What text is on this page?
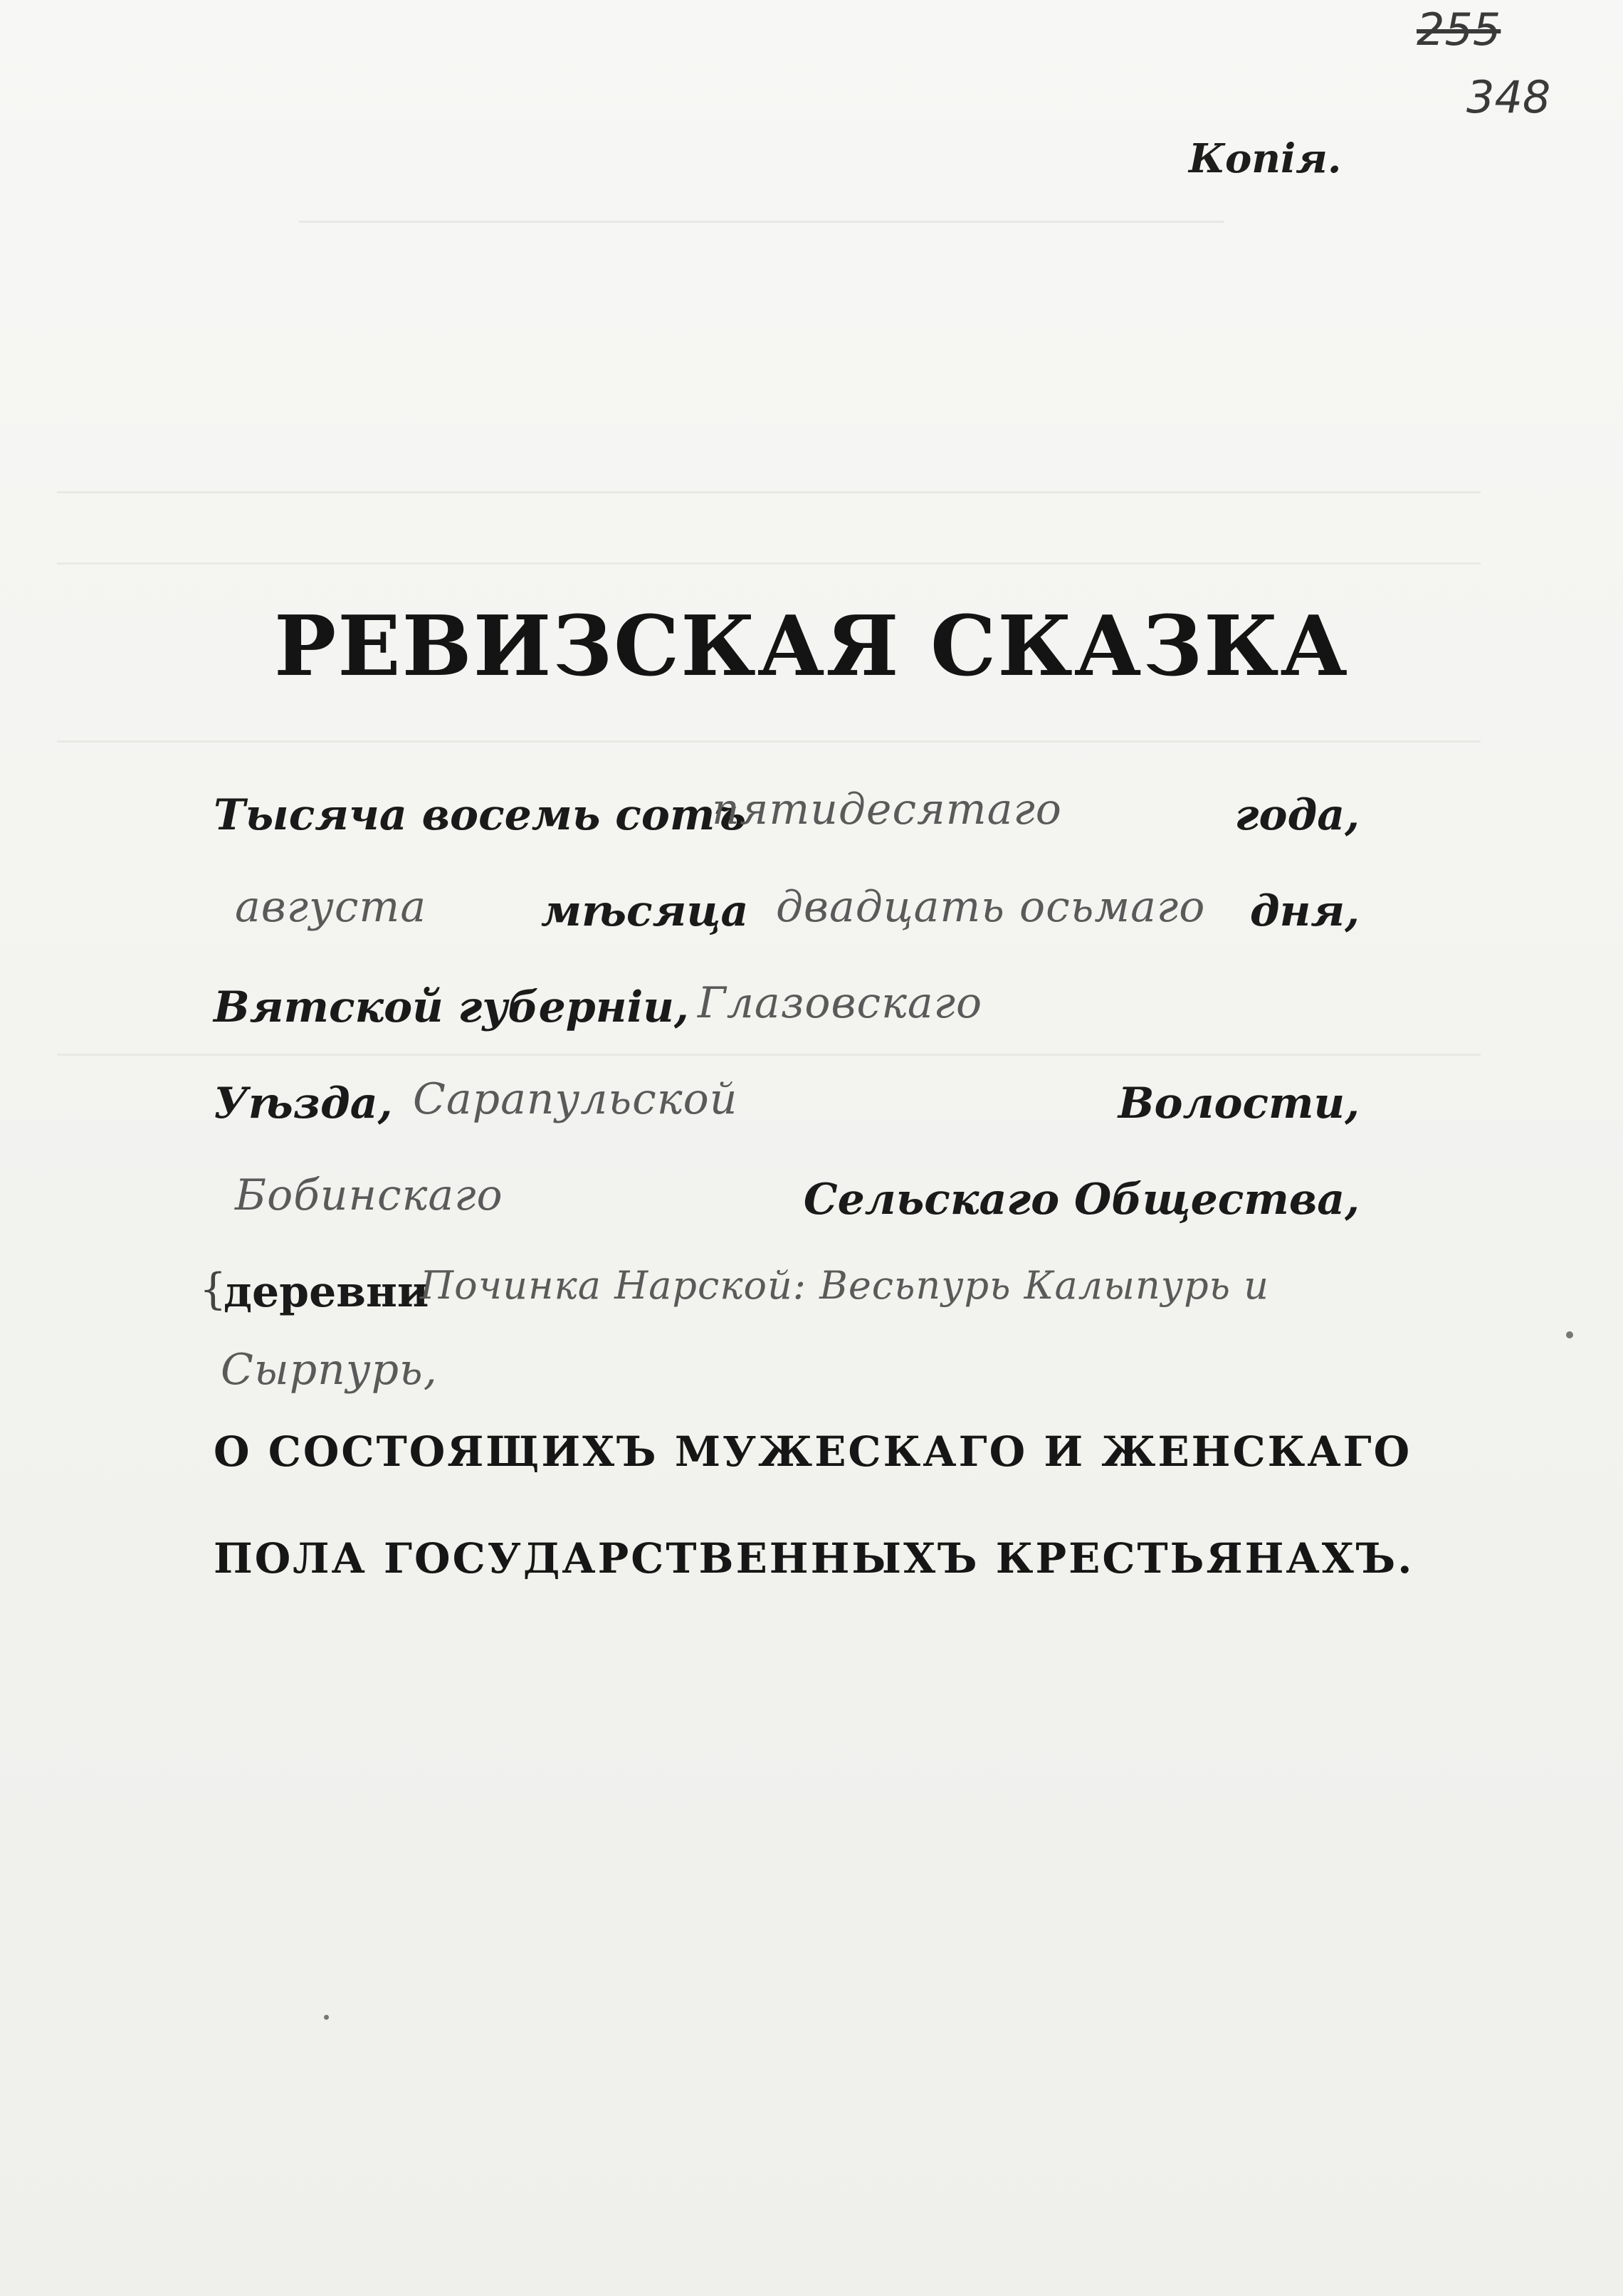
255
348
Копія.
РЕВИЗСКАЯ СКАЗКА
Тысяча восемь сотъ
пятидесятаго	года,
августа	мѣсяца двадцать осьмаго дня,
Вятской губерніи, Глазовскаго
Уѣзда, Сарапульской	Волости,
Бобинскаго	Сельскаго Общества,
{
деревни
Починка Нарской: Весьпурь Калыпурь и
Сырпурь,
О СОСТОЯЩИХЪ МУЖЕСКАГО И ЖЕНСКАГО
ПОЛА ГОСУДАРСТВЕННЫХЪ КРЕСТЬЯНАХЪ.
